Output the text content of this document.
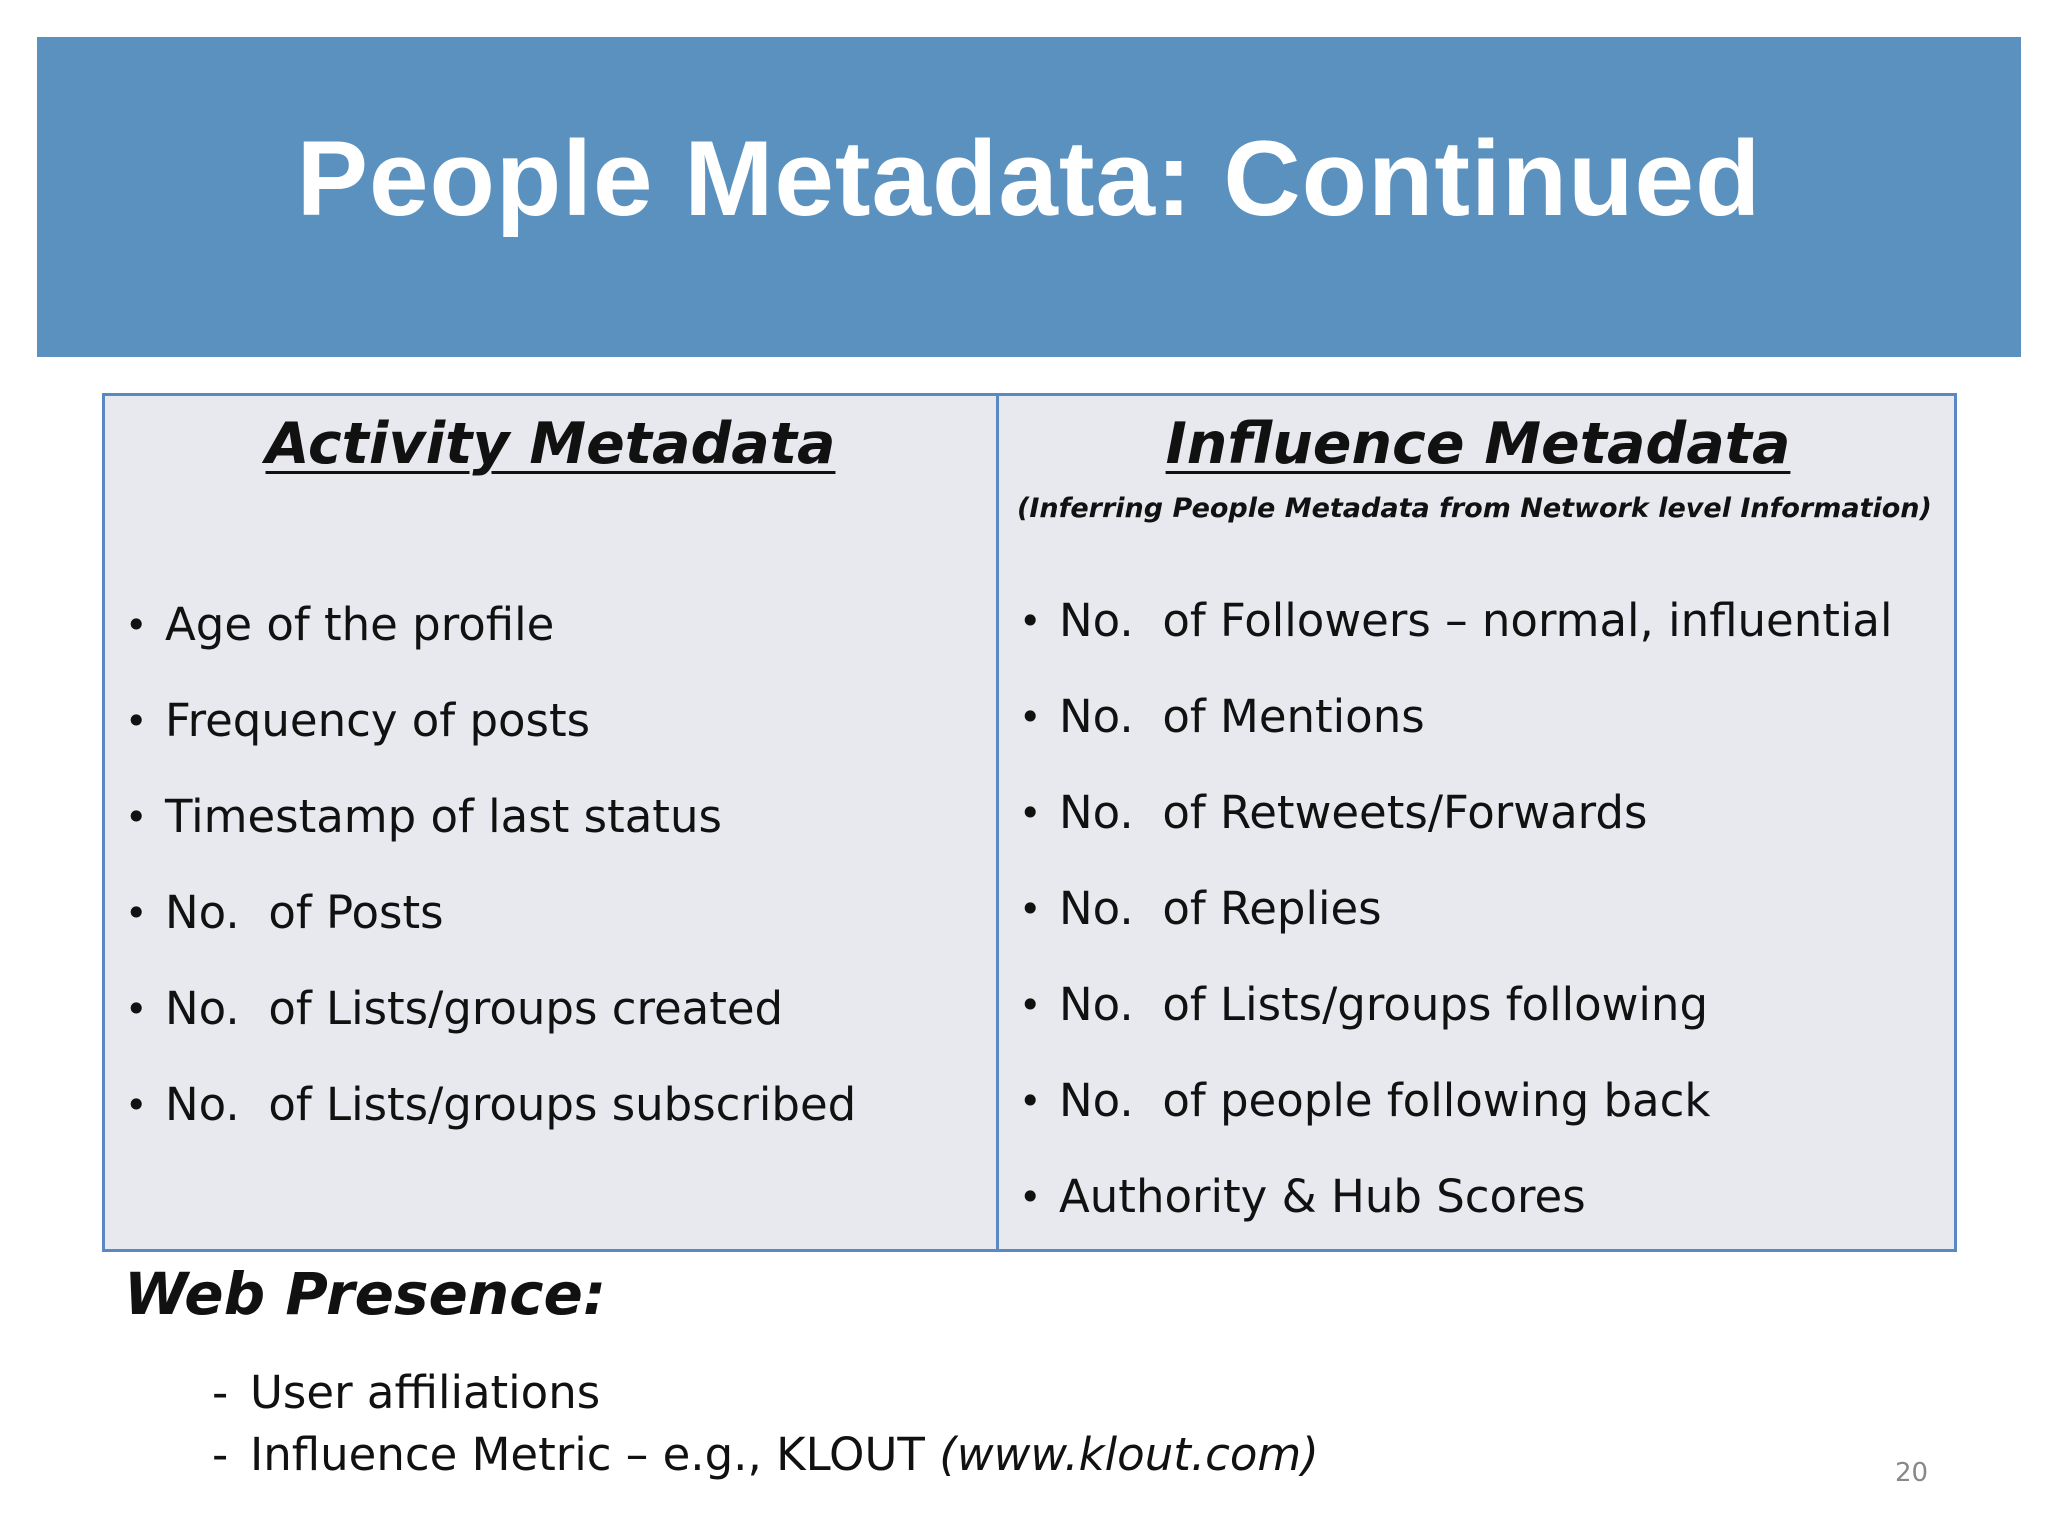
People Metadata: Continued
Activity Metadata
• Age of the profile
• Frequency of posts
• Timestamp of last status
• No.  of Posts
• No.  of Lists/groups created
• No.  of Lists/groups subscribed
Influence Metadata
(Inferring People Metadata from Network level Information)
• No.  of Followers – normal, influential
• No.  of Mentions
• No.  of Retweets/Forwards
• No.  of Replies
• No.  of Lists/groups following
• No.  of people following back
• Authority & Hub Scores
Web Presence:
- User affiliations
- Influence Metric – e.g., KLOUT (www.klout.com)	20
